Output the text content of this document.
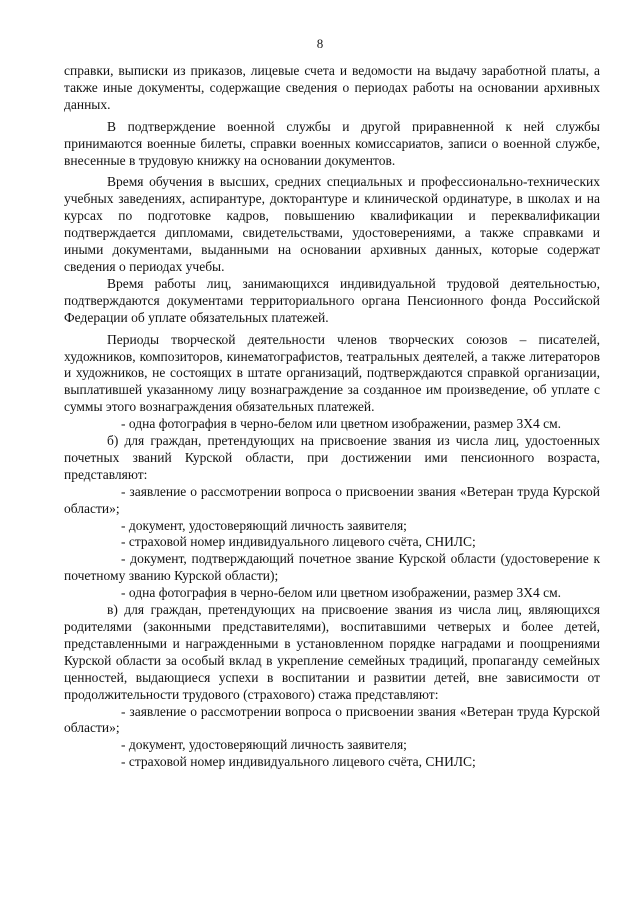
8

справки, выписки из приказов, лицевые счета и ведомости на выдачу заработной платы, а также иные документы, содержащие сведения о периодах работы на основании архивных данных.

В подтверждение военной службы и другой приравненной к ней службы принимаются военные билеты, справки военных комиссариатов, записи о военной службе, внесенные в трудовую книжку на основании документов.

Время обучения в высших, средних специальных и профессионально-технических учебных заведениях, аспирантуре, докторантуре и клинической ординатуре, в школах и на курсах по подготовке кадров, повышению квалификации и переквалификации подтверждается дипломами, свидетельствами, удостоверениями, а также справками и иными документами, выданными на основании архивных данных, которые содержат сведения о периодах учебы.

Время работы лиц, занимающихся индивидуальной трудовой деятельностью, подтверждаются документами территориального органа Пенсионного фонда Российской Федерации об уплате обязательных платежей.

Периоды творческой деятельности членов творческих союзов – писателей, художников, композиторов, кинематографистов, театральных деятелей, а также литераторов и художников, не состоящих в штате организаций, подтверждаются справкой организации, выплатившей указанному лицу вознаграждение за созданное им произведение, об уплате с суммы этого вознаграждения обязательных платежей.

- одна фотография в черно-белом или цветном изображении, размер 3Х4 см.

б) для граждан, претендующих на присвоение звания из числа лиц, удостоенных почетных званий Курской области, при достижении ими пенсионного возраста, представляют:

- заявление о рассмотрении вопроса о присвоении звания «Ветеран труда Курской области»;

- документ, удостоверяющий личность заявителя;

- страховой номер индивидуального лицевого счёта, СНИЛС;

- документ, подтверждающий почетное звание Курской области (удостоверение к почетному званию Курской области);

- одна фотография в черно-белом или цветном изображении, размер 3Х4 см.

в) для граждан, претендующих на присвоение звания из числа лиц, являющихся родителями (законными представителями), воспитавшими четверых и более детей, представленными и награжденными в установленном порядке наградами и поощрениями Курской области за особый вклад в укрепление семейных традиций, пропаганду семейных ценностей, выдающиеся успехи в воспитании и развитии детей, вне зависимости от продолжительности трудового (страхового) стажа представляют:

- заявление о рассмотрении вопроса о присвоении звания «Ветеран труда Курской области»;

- документ, удостоверяющий личность заявителя;

- страховой номер индивидуального лицевого счёта, СНИЛС;
